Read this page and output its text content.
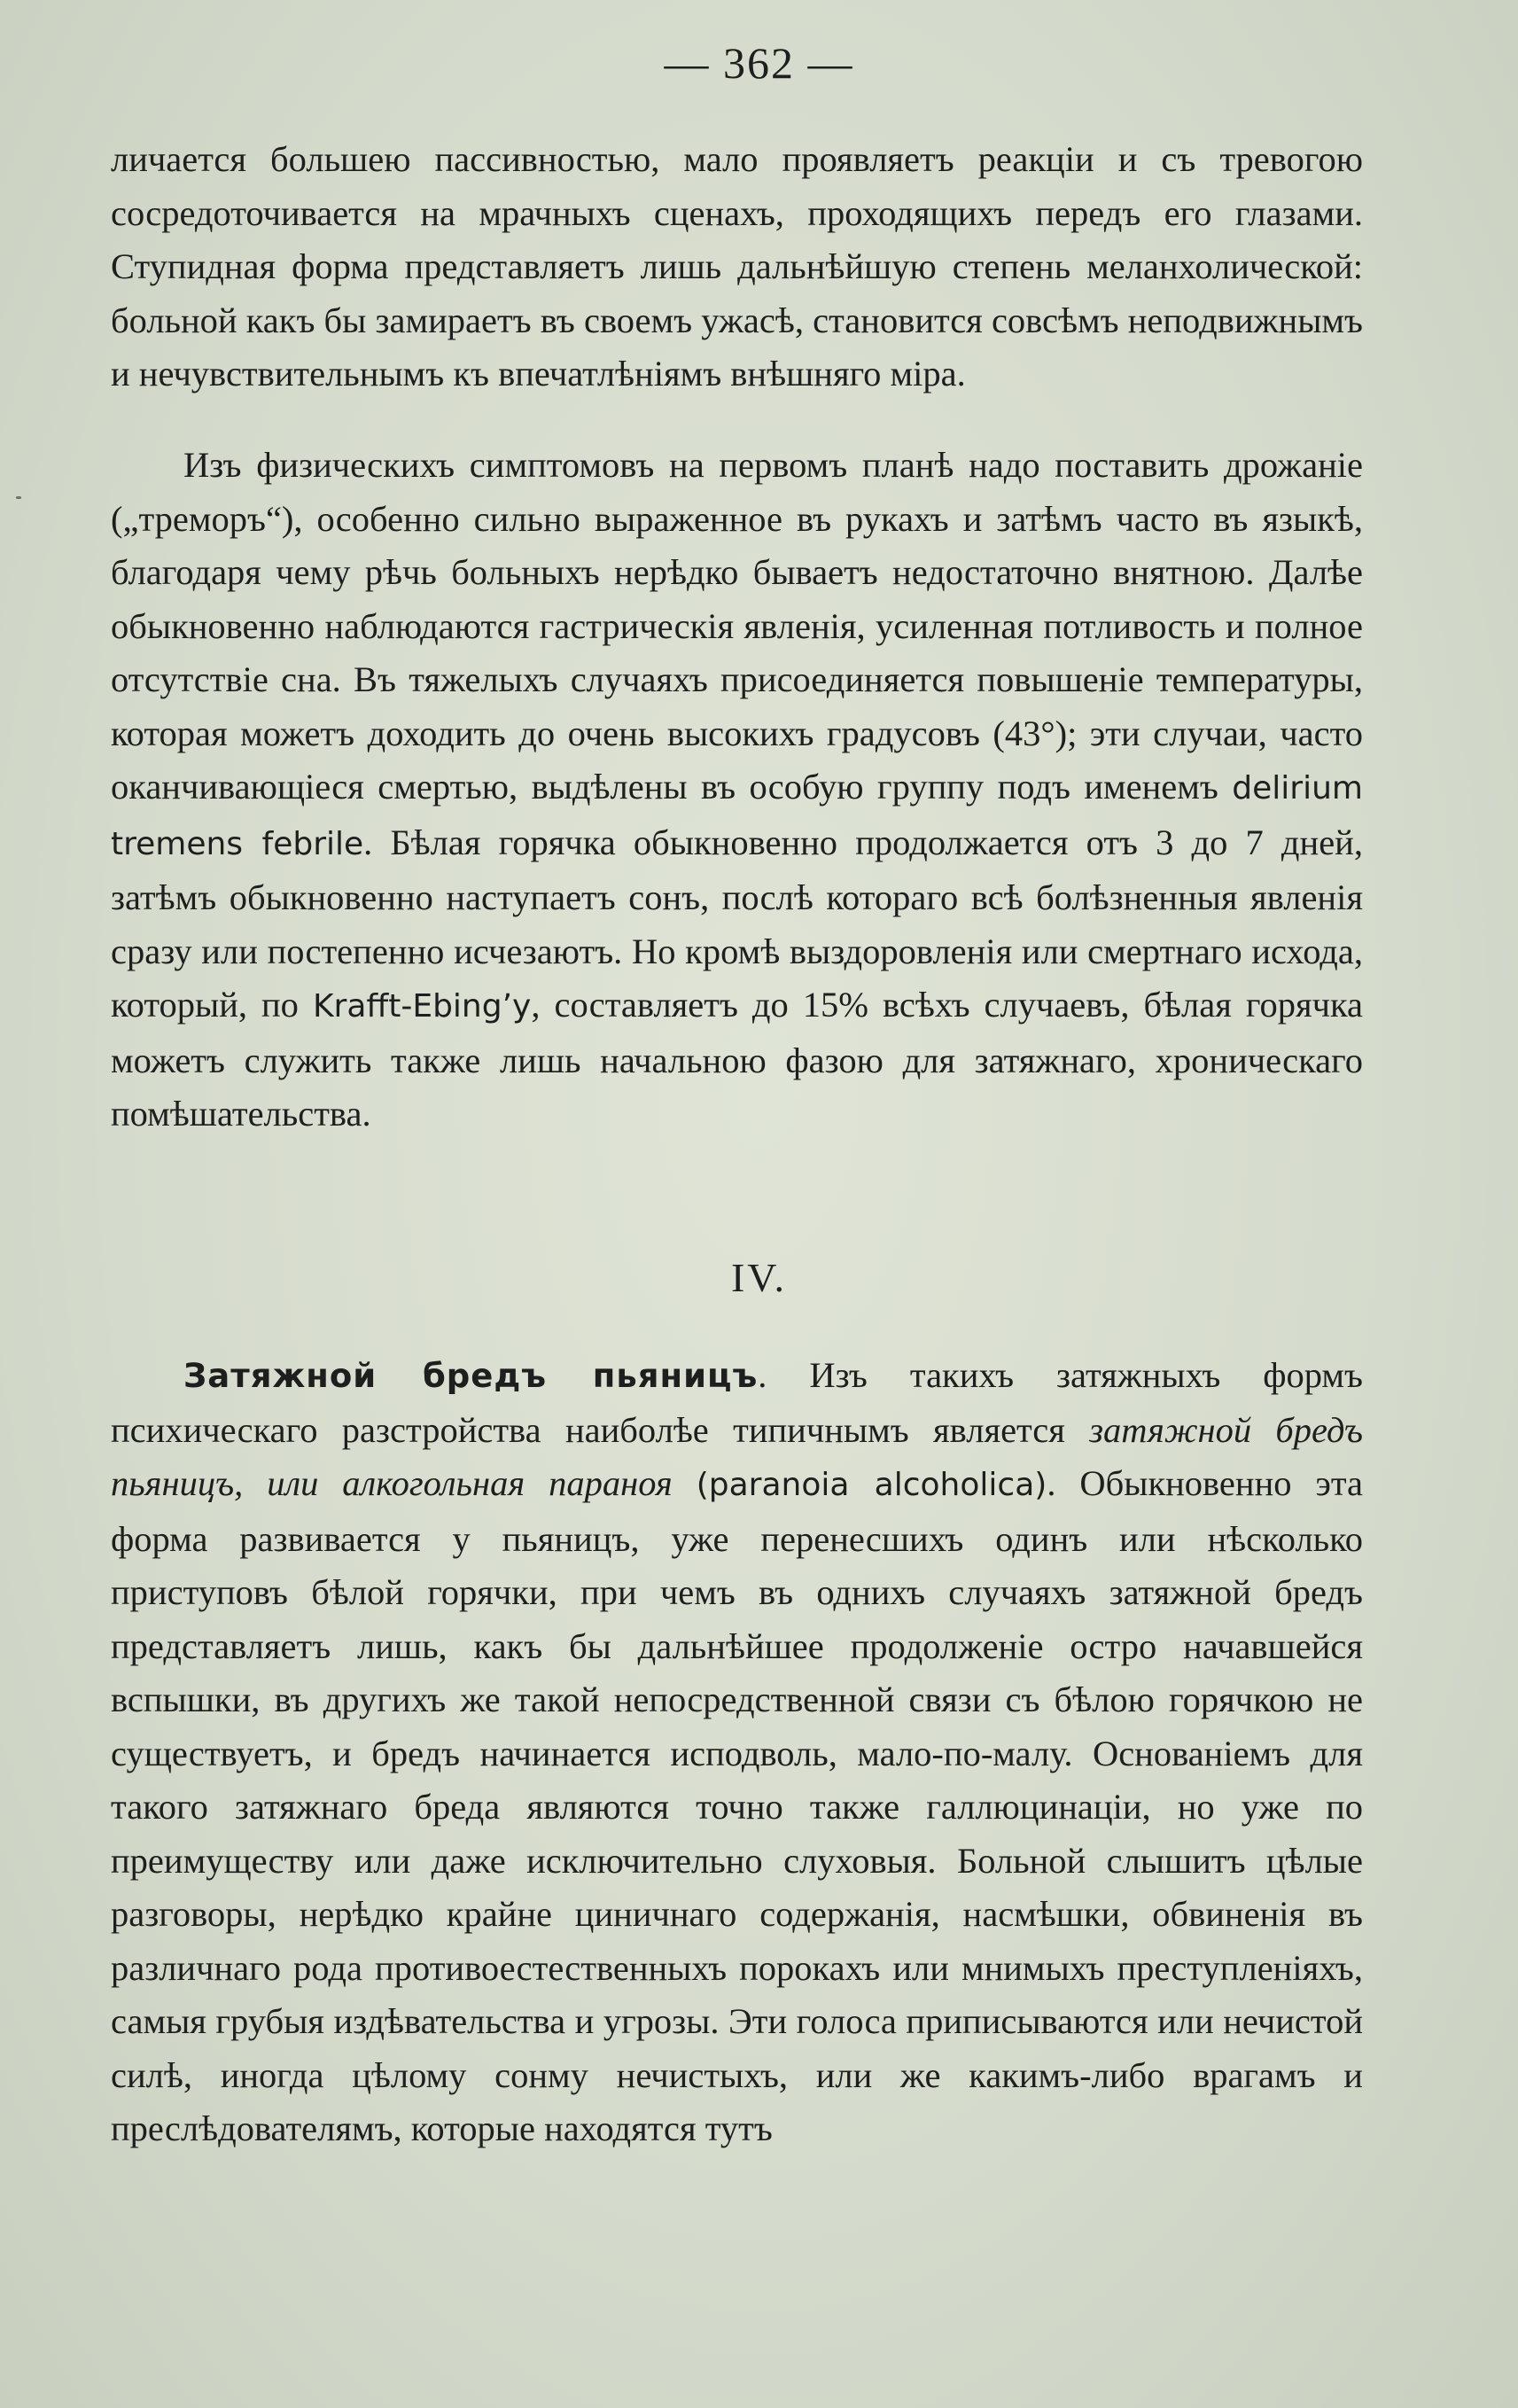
— 362 —

личается большею пассивностью, мало проявляетъ реакціи и съ тревогою сосредоточивается на мрачныхъ сценахъ, проходящихъ передъ его глазами. Ступидная форма представляетъ лишь дальнѣйшую степень меланхолической: больной какъ бы замираетъ въ своемъ ужасѣ, становится совсѣмъ неподвижнымъ и нечувствительнымъ къ впечатлѣніямъ внѣшняго міра.

Изъ физическихъ симптомовъ на первомъ планѣ надо поставить дрожаніе („треморъ“), особенно сильно выраженное въ рукахъ и затѣмъ часто въ языкѣ, благодаря чему рѣчь больныхъ нерѣдко бываетъ недостаточно внятною. Далѣе обыкновенно наблюдаются гастрическія явленія, усиленная потливость и полное отсутствіе сна. Въ тяжелыхъ случаяхъ присоединяется повышеніе температуры, которая можетъ доходить до очень высокихъ градусовъ (43°); эти случаи, часто оканчивающіеся смертью, выдѣлены въ особую группу подъ именемъ delirium tremens febrile. Бѣлая горячка обыкновенно продолжается отъ 3 до 7 дней, затѣмъ обыкновенно наступаетъ сонъ, послѣ котораго всѣ болѣзненныя явленія сразу или постепенно исчезаютъ. Но кромѣ выздоровленія или смертнаго исхода, который, по Krafft-Ebing’у, составляетъ до 15% всѣхъ случаевъ, бѣлая горячка можетъ служить также лишь начальною фазою для затяжнаго, хроническаго помѣшательства.

IV.

Затяжной бредъ пьяницъ. Изъ такихъ затяжныхъ формъ психическаго разстройства наиболѣе типичнымъ является затяжной бредъ пьяницъ, или алкогольная параноя (paranoia alcoholica). Обыкновенно эта форма развивается у пьяницъ, уже перенесшихъ одинъ или нѣсколько приступовъ бѣлой горячки, при чемъ въ однихъ случаяхъ затяжной бредъ представляетъ лишь, какъ бы дальнѣйшее продолженіе остро начавшейся вспышки, въ другихъ же такой непосредственной связи съ бѣлою горячкою не существуетъ, и бредъ начинается исподволь, мало-по-малу. Основаніемъ для такого затяжнаго бреда являются точно также галлюцинаціи, но уже по преимуществу или даже исключительно слуховыя. Больной слышитъ цѣлые разговоры, нерѣдко крайне циничнаго содержанія, насмѣшки, обвиненія въ различнаго рода противоестественныхъ порокахъ или мнимыхъ преступленіяхъ, самыя грубыя издѣвательства и угрозы. Эти голоса приписываются или нечистой силѣ, иногда цѣлому сонму нечистыхъ, или же какимъ-либо врагамъ и преслѣдователямъ, которые находятся тутъ
